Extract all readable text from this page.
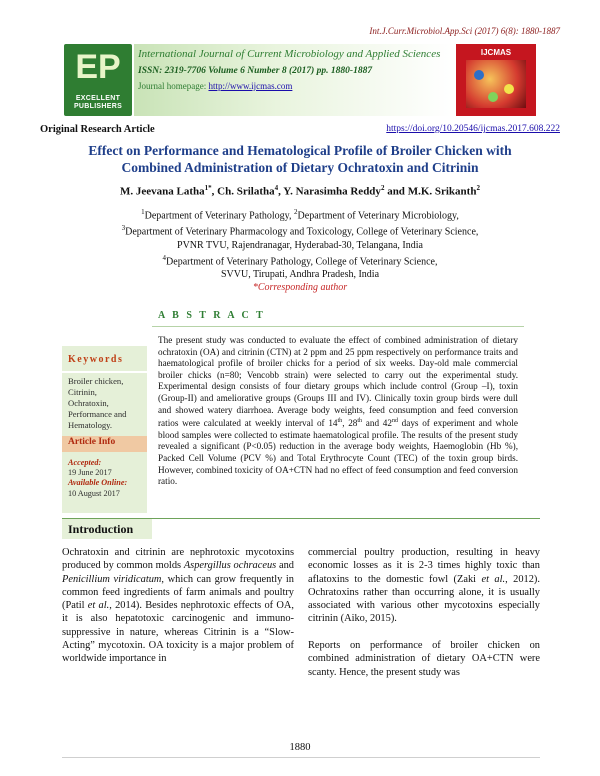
Int.J.Curr.Microbiol.App.Sci (2017) 6(8): 1880-1887
EP
EXCELLENT PUBLISHERS
International Journal of Current Microbiology and Applied Sciences
ISSN: 2319-7706 Volume 6 Number 8 (2017) pp. 1880-1887
Journal homepage: http://www.ijcmas.com
IJCMAS
Original Research Article	https://doi.org/10.20546/ijcmas.2017.608.222
Effect on Performance and Hematological Profile of Broiler Chicken with
Combined Administration of Dietary Ochratoxin and Citrinin
M. Jeevana Latha$^{1*}$, Ch. Srilatha$^4$, Y. Narasimha Reddy$^2$ and M.K. Srikanth$^2$
$^1$Department of Veterinary Pathology, $^2$Department of Veterinary Microbiology,
$^3$Department of Veterinary Pharmacology and Toxicology, College of Veterinary Science,
PVNR TVU, Rajendranagar, Hyderabad-30, Telangana, India
$^4$Department of Veterinary Pathology, College of Veterinary Science,
SVVU, Tirupati, Andhra Pradesh, India
*Corresponding author
A B S T R A C T
The present study was conducted to evaluate the effect of combined administration of dietary ochratoxin (OA) and citrinin (CTN) at 2 ppm and 25 ppm respectively on performance traits and haematological profile of broiler chicks for a period of six weeks. Day-old male commercial broiler chicks (n=80; Vencobb strain) were selected to carry out the experimental study. Experimental design consists of four dietary groups which include control (Group –I), toxin (Group-II) and ameliorative groups (Groups III and IV). Clinically toxin group birds were dull and showed watery diarrhoea. Average body weights, feed consumption and feed conversion ratios were calculated at weekly interval of 14th, 28th and 42nd days of experiment and whole blood samples were collected to estimate haematological profile. The results of the present study revealed a significant (P<0.05) reduction in the average body weights, Haemoglobin (Hb %), Packed Cell Volume (PCV %) and Total Erythrocyte Count (TEC) of the toxin group birds. However, combined toxicity of OA+CTN had no effect of feed consumption and feed conversion ratio.
Keywords
Broiler chicken,
Citrinin,
Ochratoxin,
Performance and
Hematology.
Article Info
Accepted:
19 June 2017
Available Online:
10 August 2017
Introduction

Ochratoxin and citrinin are nephrotoxic mycotoxins produced by common molds Aspergillus ochraceus and Penicillium viridicatum, which can grow frequently in common feed ingredients of farm animals and poultry (Patil et al., 2014). Besides nephrotoxic effects of OA, it is also hepatotoxic carcinogenic and immuno-suppressive in nature, whereas Citrinin is a “Slow-Acting” mycotoxin. OA toxicity is a major problem of worldwide importance in

commercial poultry production, resulting in heavy economic losses as it is 2-3 times highly toxic than aflatoxins to the domestic fowl (Zaki et al., 2012). Ochratoxins rather than occurring alone, it is usually associated with various other mycotoxins especially citrinin (Aiko, 2015).

Reports on performance of broiler chicken on combined administration of dietary OA+CTN were scanty. Hence, the present study was

1880
